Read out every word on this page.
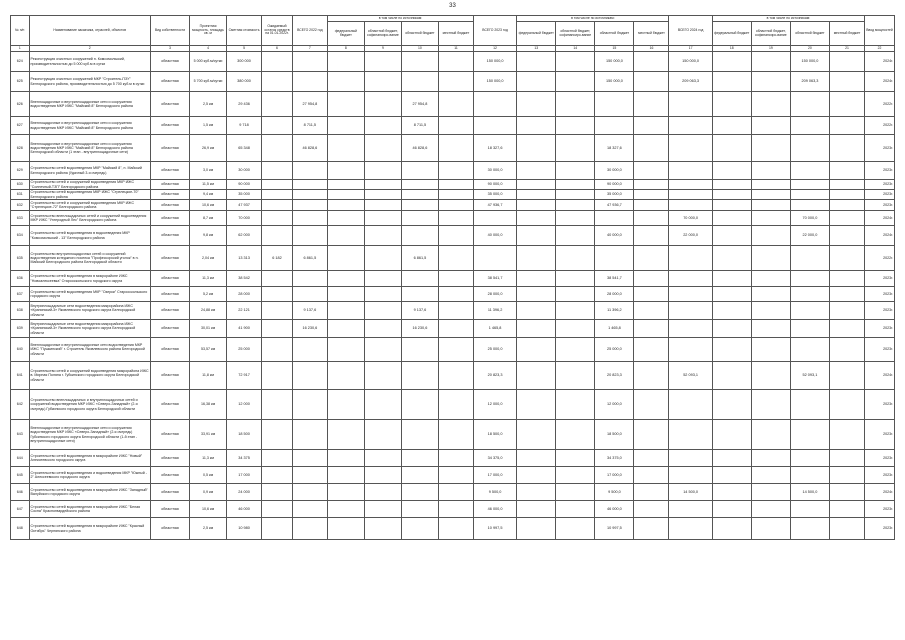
33
№ п/п	Наименование заказчика, отраслей, объектов	Вид собственности	Проектная мощность, площадь кв. м	Сметная стоимость	Ожидаемый остаток средств на 01.01.2022г.	ВСЕГО 2022 год	в том числе по источникам:				ВСЕГО 2023 год	в том числе по источникам:				ВСЕГО 2024 год	в том числе по источникам:				Ввод мощностей
							федеральный бюджет	областной бюджет, софинансиро-вание	областной бюджет	местный бюджет		федеральный бюджет	областной бюджет, софинансиро-вание	областной бюджет	местный бюджет		федеральный бюджет	областной бюджет, софинансиро-вание	областной бюджет	местный бюджет	
1	2	3	4	5	6	7	8	9	10	11	12	13	14	15	16	17	18	19	20	21	22
624	Реконструкция очистных сооружений п. Комсомольский, производительностью до 5 000 куб.м в сутки	областная	5 000 куб.м/сутки	300 000							150 000,0			150 000,0		150 000,0			150 000,0		2024г.
625	Реконструкция очистных сооружений МКР "Строитель-ПЗУ" Белгородского района, производительностью до 5 700 куб.м в сутки	областная	5 700 куб.м/сутки	380 000							150 000,0			150 000,0		209 063,3			209 063,3		2024г.
626	Внеплощадочные и внутриплощадочные сети и сооружения водоотведения МКР ИЖС "Майский 8" Белгородского района	областная	2,5 км	29 436		27 954,8			27 954,8												2022г.
627	Внеплощадочные и внутриплощадочные сети и сооружения водоотведения МКР ИЖС "Майский 8" Белгородского района	областная	1,5 км	9 718		8 711,5			8 711,5												2022г.
628	Внеплощадочные и внутриплощадочные сети и сооружения водоотведения МКР ИЖС "Майский 8" Белгородского района Белгородской области (1 этап - внутриплощадочные сети)	областная	26,9 км	65 348		46 828,6			46 828,6		18 327,6			18 327,6							2023г.
629	Строительство сетей водоотведения МКР "Майский 8", п. Майский Белгородского района (Удачный 3-я очередь)	областная	3,0 км	30 000							30 000,0			30 000,0							2023г.
630	Строительство сетей и сооружений водоотведения МКР ИЖС "Солнечный-ТЗП" Белгородского района	областная	11,5 км	90 000							90 000,0			90 000,0							2023г.
631	Строительство сетей водоотведения МКР ИЖС "Стрелецкое-70" Белгородского района	областная	9,4 км	35 000							35 000,0			35 000,0							2023г.
632	Строительство сетей и сооружений водоотведения МКР ИЖС "Стрелецкое-72" Белгородского района	областная	10,6 км	47 937							47 936,7			47 936,7							2023г.
633	Строительство внеплощадочных сетей и сооружений водоотведения МКР ИЖС "Углеродный Лес" Белгородского района	областная	8,7 км	70 000												70 000,0			70 000,0		2024г.
634	Строительство сетей водоотведения в водоотведения МКР "Комсомольский - 13" Белгородского района	областная	9,8 км	62 000							40 000,0			40 000,0		22 000,0			22 000,0		2024г.
635	Строительство внутриплощадочных сетей и сооружений водоотведения котеджного поселка "Профессорский уголок" в п. Майский Белгородского района Белгородской области	областная	2,04 км	13 313	6 182	6 861,5			6 861,5												2022г.
636	Строительство сетей водоотведения в микрорайоне ИЖС "Новоалексеевка" Старооскольского городского округа	областная	11,3 км	38 542							38 541,7			38 541,7							2023г.
637	Строительство сетей водоотведения МКР "Озерки" Старооскольского городского округа	областная	5,2 км	28 000							28 000,0			28 000,0							2023г.
638	Внутриплощадочные сети водоотведения микрорайона ИЖС «Кранинский-3» Яковлевского городского округа Белгородской области	областная	24,88 км	22 121		9 137,6			9 137,6		11 396,2			11 396,2							2023г.
639	Внутриплощадочные сети водоотведения микрорайона ИЖС «Кранинский-3» Яковлевского городского округа Белгородской области	областная	30,01 км	41 900		16 230,6			16 230,6		1 465,8			1 465,8							2023г.
640	Внеплощадочные и внутриплощадочные сети водоотведения МКР ИЖС "Пушкинский" г. Строитель Яковлевского района Белгородской области	областная	53,57 км	25 000							25 000,0			25 000,0							2023г.
641	Строительство сетей и сооружений водоотведения микрорайона ИЖС в. Мирная Поляна г. Губкинского городского округа Белгородской области	областная	11,8 км	72 917							20 823,3			20 823,3		52 093,1			52 093,1		2024г.
642	Строительство внеплощадочных и внутриплощадочных сетей и сооружений водоотведения МКР ИЖС «Северо-Западный» (2-я очередь) Губкинского городского округа Белгородской области	областная	16,38 км	12 000							12 000,0			12 000,0							2023г.
643	Внеплощадочные и внутриплощадочные сети и сооружения водоотведения МКР ИЖС «Северо-Западный» (2-я очередь) Губкинского городского округа Белгородской области (1-й этап - внутриплощадочные сети)	областная	33,91 км	18 500							18 500,0			18 500,0							2023г.
644	Строительство сетей водоотведения в микрорайоне ИЖС "Новый" Алексеевского городского округа	областная	11,3 км	34 375							34 375,0			34 375,0							2023г.
645	Строительство сетей водоотведения и водоотведения МКР "Южный - 2" Алексеевского городского округа	областная	0,5 км	17 000							17 000,0			17 000,0							2023г.
646	Строительство сетей водоотведения в микрорайоне ИЖС "Западный" Валуйского городского округа	областная	0,9 км	24 000							9 500,0			9 500,0		14 500,0			14 500,0		2024г.
647	Строительство сетей водоотведения в микрорайоне ИЖС "Белая Сосна" Красногвардейского района	областная	10,6 км	46 000							46 000,0			46 000,0							2023г.
648	Строительство сетей водоотведения в микрорайоне ИЖС "Красный Октябрь" Чернянского района	областная	2,5 км	10 980							10 997,5			10 997,5							2023г.
